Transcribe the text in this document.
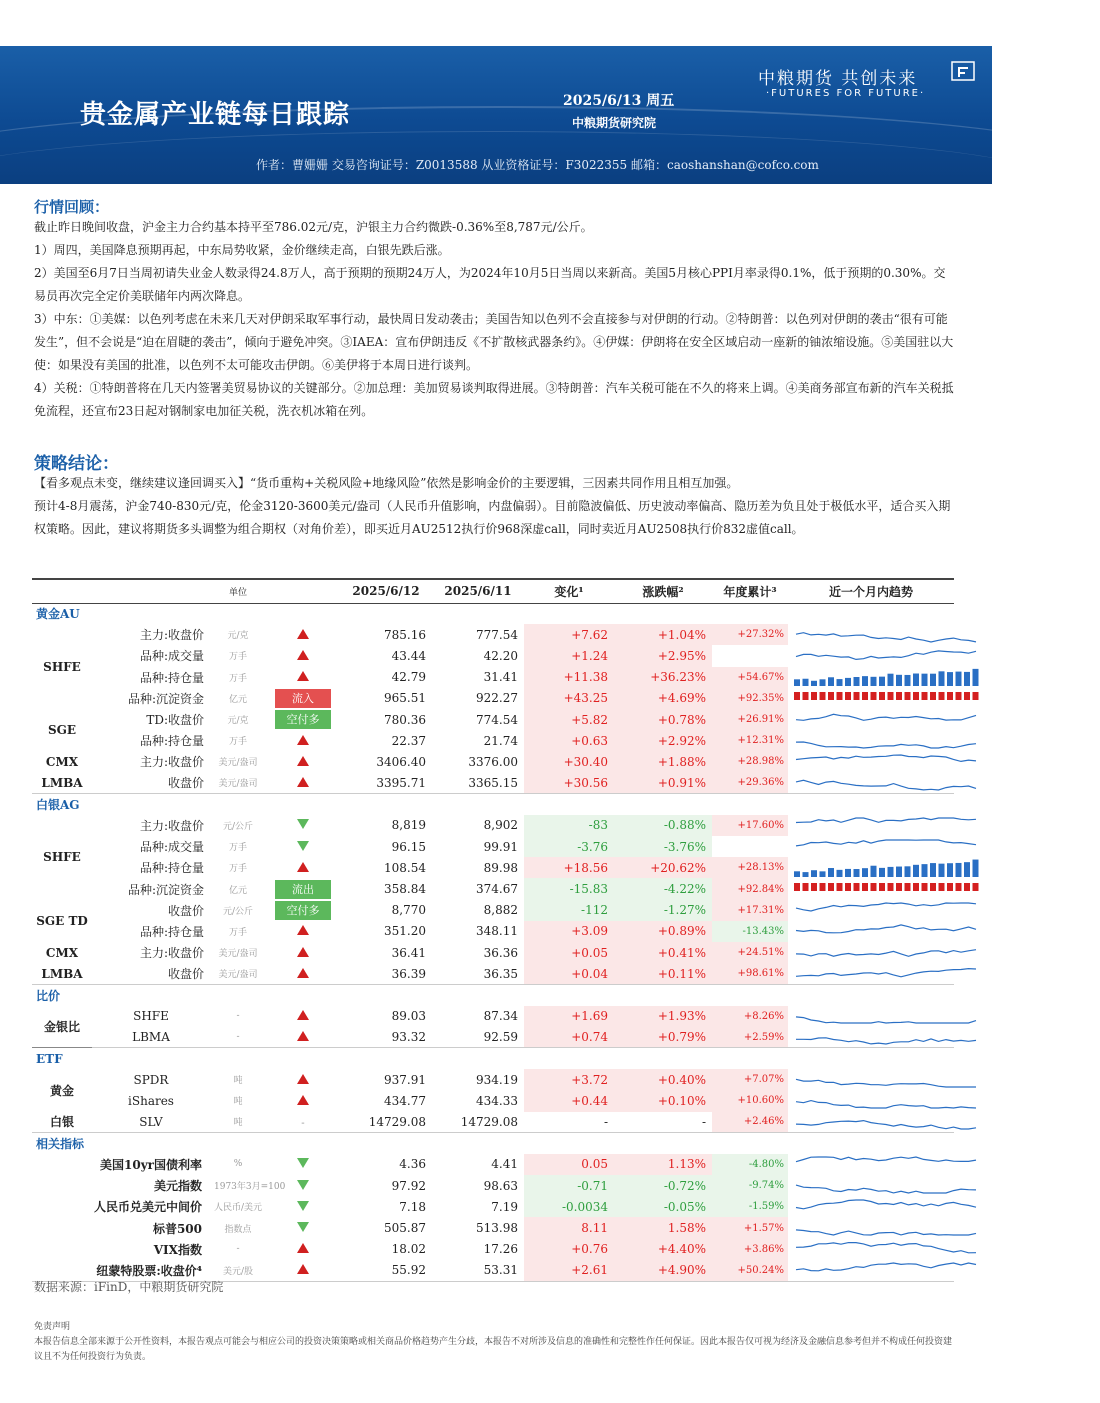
贵金属产业链每日跟踪	2025/6/13 周五
中粮期货研究院
中粮期货 共创未来
·FUTURES FOR FUTURE·
作者：曹姗姗 交易咨询证号：Z0013588 从业资格证号：F3022355 邮箱：caoshanshan@cofco.com
行情回顾：
截止昨日晚间收盘，沪金主力合约基本持平至786.02元/克，沪银主力合约微跌-0.36%至8,787元/公斤。
1）周四，美国降息预期再起，中东局势收紧，金价继续走高，白银先跌后涨。
2）美国至6月7日当周初请失业金人数录得24.8万人，高于预期的预期24万人，为2024年10月5日当周以来新高。美国5月核心PPI月率录得0.1%，低于预期的0.30%。交易员再次完全定价美联储年内两次降息。
3）中东：①美媒：以色列考虑在未来几天对伊朗采取军事行动，最快周日发动袭击；美国告知以色列不会直接参与对伊朗的行动。②特朗普：以色列对伊朗的袭击“很有可能发生”，但不会说是“迫在眉睫的袭击”，倾向于避免冲突。③IAEA：宣布伊朗违反《不扩散核武器条约》。④伊媒：伊朗将在安全区域启动一座新的铀浓缩设施。⑤美国驻以大使：如果没有美国的批准，以色列不太可能攻击伊朗。⑥美伊将于本周日进行谈判。
4）关税：①特朗普将在几天内签署美贸易协议的关键部分。②加总理：美加贸易谈判取得进展。③特朗普：汽车关税可能在不久的将来上调。④美商务部宣布新的汽车关税抵免流程，还宣布23日起对钢制家电加征关税，洗衣机冰箱在列。
策略结论：
【看多观点未变，继续建议逢回调买入】“货币重构+关税风险+地缘风险”依然是影响金价的主要逻辑，三因素共同作用且相互加强。
预计4-8月震荡，沪金740-830元/克，伦金3120-3600美元/盎司（人民币升值影响，内盘偏弱）。目前隐波偏低、历史波动率偏高、隐历差为负且处于极低水平，适合买入期权策略。因此，建议将期货多头调整为组合期权（对角价差），即买近月AU2512执行价968深虚call，同时卖近月AU2508执行价832虚值call。
		单位		2025/6/12	2025/6/11	变化¹	涨跌幅²	年度累计³	近一个月内趋势
黄金AU									
SHFE	主力:收盘价	元/克		785.16	777.54	+7.62	+1.04%	+27.32%	

	品种:成交量	万手		43.44	42.20	+1.24	+2.95%		

	品种:持仓量	万手		42.79	31.41	+11.38	+36.23%	+54.67%	

	品种:沉淀资金	亿元	流入	965.51	922.27	+43.25	+4.69%	+92.35%	

SGE	TD:收盘价	元/克	空付多	780.36	774.54	+5.82	+0.78%	+26.91%	

	品种:持仓量	万手		22.37	21.74	+0.63	+2.92%	+12.31%	

CMX	主力:收盘价	美元/盎司		3406.40	3376.00	+30.40	+1.88%	+28.98%	

LMBA	收盘价	美元/盎司		3395.71	3365.15	+30.56	+0.91%	+29.36%	

白银AG									
SHFE	主力:收盘价	元/公斤		8,819	8,902	-83	-0.88%	+17.60%	

	品种:成交量	万手		96.15	99.91	-3.76	-3.76%		

	品种:持仓量	万手		108.54	89.98	+18.56	+20.62%	+28.13%	

	品种:沉淀资金	亿元	流出	358.84	374.67	-15.83	-4.22%	+92.84%	

SGE TD	收盘价	元/公斤	空付多	8,770	8,882	-112	-1.27%	+17.31%	

	品种:持仓量	万手		351.20	348.11	+3.09	+0.89%	-13.43%	

CMX	主力:收盘价	美元/盎司		36.41	36.36	+0.05	+0.41%	+24.51%	

LMBA	收盘价	美元/盎司		36.39	36.35	+0.04	+0.11%	+98.61%	

比价									
金银比	SHFE	-		89.03	87.34	+1.69	+1.93%	+8.26%	

	LBMA	-		93.32	92.59	+0.74	+0.79%	+2.59%	

ETF									
黄金	SPDR	吨		937.91	934.19	+3.72	+0.40%	+7.07%	

	iShares	吨		434.77	434.33	+0.44	+0.10%	+10.60%	

白银	SLV	吨	-	14729.08	14729.08	-	-	+2.46%	

相关指标									
美国10yr国债利率		%		4.36	4.41	0.05	1.13%	-4.80%	

美元指数		1973年3月=100		97.92	98.63	-0.71	-0.72%	-9.74%	

人民币兑美元中间价		人民币/美元		7.18	7.19	-0.0034	-0.05%	-1.59%	

标普500		指数点		505.87	513.98	8.11	1.58%	+1.57%	

VIX指数		-		18.02	17.26	+0.76	+4.40%	+3.86%	

纽蒙特股票:收盘价⁴		美元/股		55.92	53.31	+2.61	+4.90%	+50.24%	
数据来源：iFinD，中粮期货研究院
免责声明
本报告信息全部来源于公开性资料，本报告观点可能会与相应公司的投资决策策略或相关商品价格趋势产生分歧，本报告不对所涉及信息的准确性和完整性作任何保证。因此本报告仅可视为经济及金融信息参考但并不构成任何投资建议且不为任何投资行为负责。
